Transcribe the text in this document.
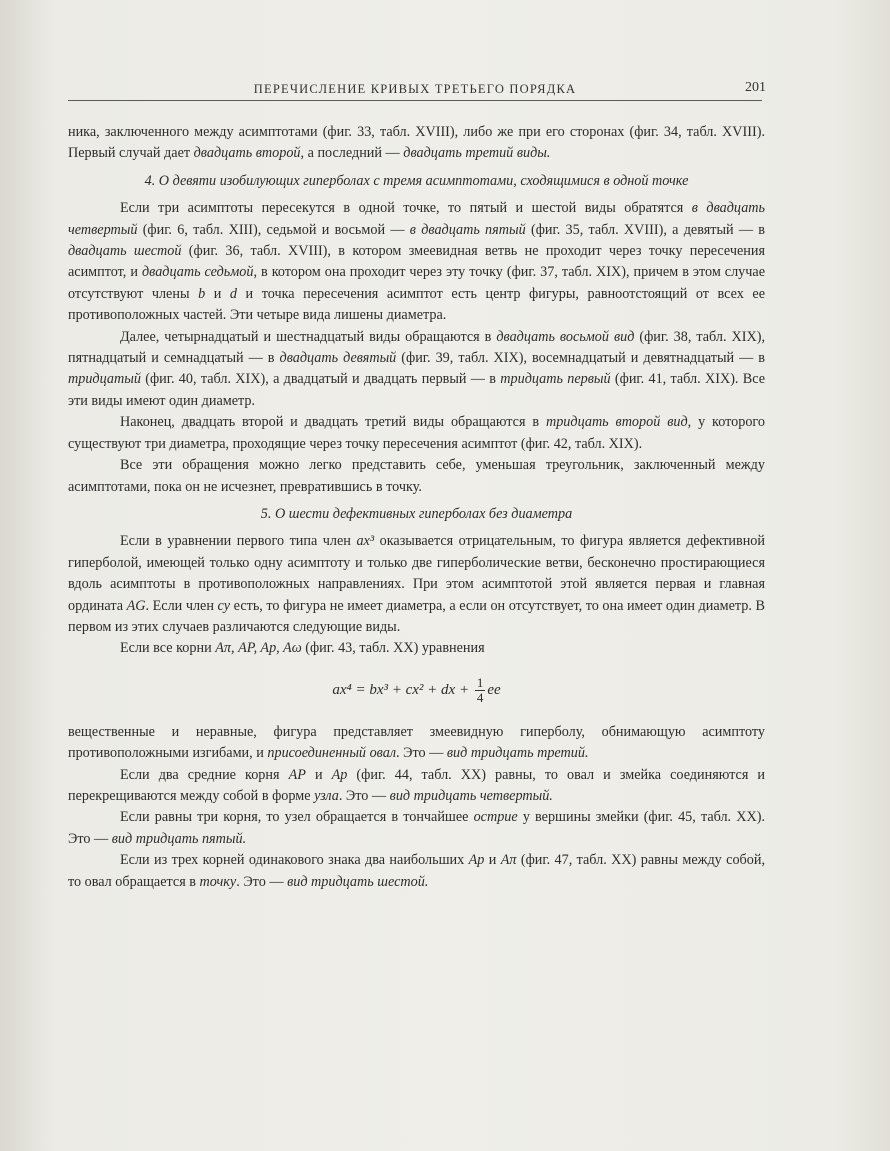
ПЕРЕЧИСЛЕНИЕ КРИВЫХ ТРЕТЬЕГО ПОРЯДКА	201

ника, заключенного между асимптотами (фиг. 33, табл. XVIII), либо же при его сторонах (фиг. 34, табл. XVIII). Первый случай дает двадцать второй, а последний — двадцать третий виды.

4. О девяти изобилующих гиперболах с тремя асимптотами, сходящимися в одной точке

Если три асимптоты пересекутся в одной точке, то пятый и шестой виды обратятся в двадцать четвертый (фиг. 6, табл. XIII), седьмой и восьмой — в двадцать пятый (фиг. 35, табл. XVIII), а девятый — в двадцать шестой (фиг. 36, табл. XVIII), в котором змеевидная ветвь не проходит через точку пересечения асимптот, и двадцать седьмой, в котором она проходит через эту точку (фиг. 37, табл. XIX), причем в этом случае отсутствуют члены b и d и точка пересечения асимптот есть центр фигуры, равноотстоящий от всех ее противоположных частей. Эти четыре вида лишены диаметра.

Далее, четырнадцатый и шестнадцатый виды обращаются в двадцать восьмой вид (фиг. 38, табл. XIX), пятнадцатый и семнадцатый — в двадцать девятый (фиг. 39, табл. XIX), восемнадцатый и девятнадцатый — в тридцатый (фиг. 40, табл. XIX), а двадцатый и двадцать первый — в тридцать первый (фиг. 41, табл. XIX). Все эти виды имеют один диаметр.

Наконец, двадцать второй и двадцать третий виды обращаются в тридцать второй вид, у которого существуют три диаметра, проходящие через точку пересечения асимптот (фиг. 42, табл. XIX).

Все эти обращения можно легко представить себе, уменьшая треугольник, заключенный между асимптотами, пока он не исчезнет, превратившись в точку.

5. О шести дефективных гиперболах без диаметра

Если в уравнении первого типа член ax³ оказывается отрицательным, то фигура является дефективной гиперболой, имеющей только одну асимптоту и только две гиперболические ветви, бесконечно простирающиеся вдоль асимптоты в противоположных направлениях. При этом асимптотой этой является первая и главная ордината AG. Если член cy есть, то фигура не имеет диаметра, а если он отсутствует, то она имеет один диаметр. В первом из этих случаев различаются следующие виды.

Если все корни Aπ, AP, Ap, Aω (фиг. 43, табл. XX) уравнения

ax⁴ = bx³ + cx² + dx + $\frac{1}{4}$ ee

вещественные и неравные, фигура представляет змеевидную гиперболу, обнимающую асимптоту противоположными изгибами, и присоединенный овал. Это — вид тридцать третий.

Если два средние корня AP и Ap (фиг. 44, табл. XX) равны, то овал и змейка соединяются и перекрещиваются между собой в форме узла. Это — вид тридцать четвертый.

Если равны три корня, то узел обращается в тончайшее острие у вершины змейки (фиг. 45, табл. XX). Это — вид тридцать пятый.

Если из трех корней одинакового знака два наибольших Ap и Aπ (фиг. 47, табл. XX) равны между собой, то овал обращается в точку. Это — вид тридцать шестой.
